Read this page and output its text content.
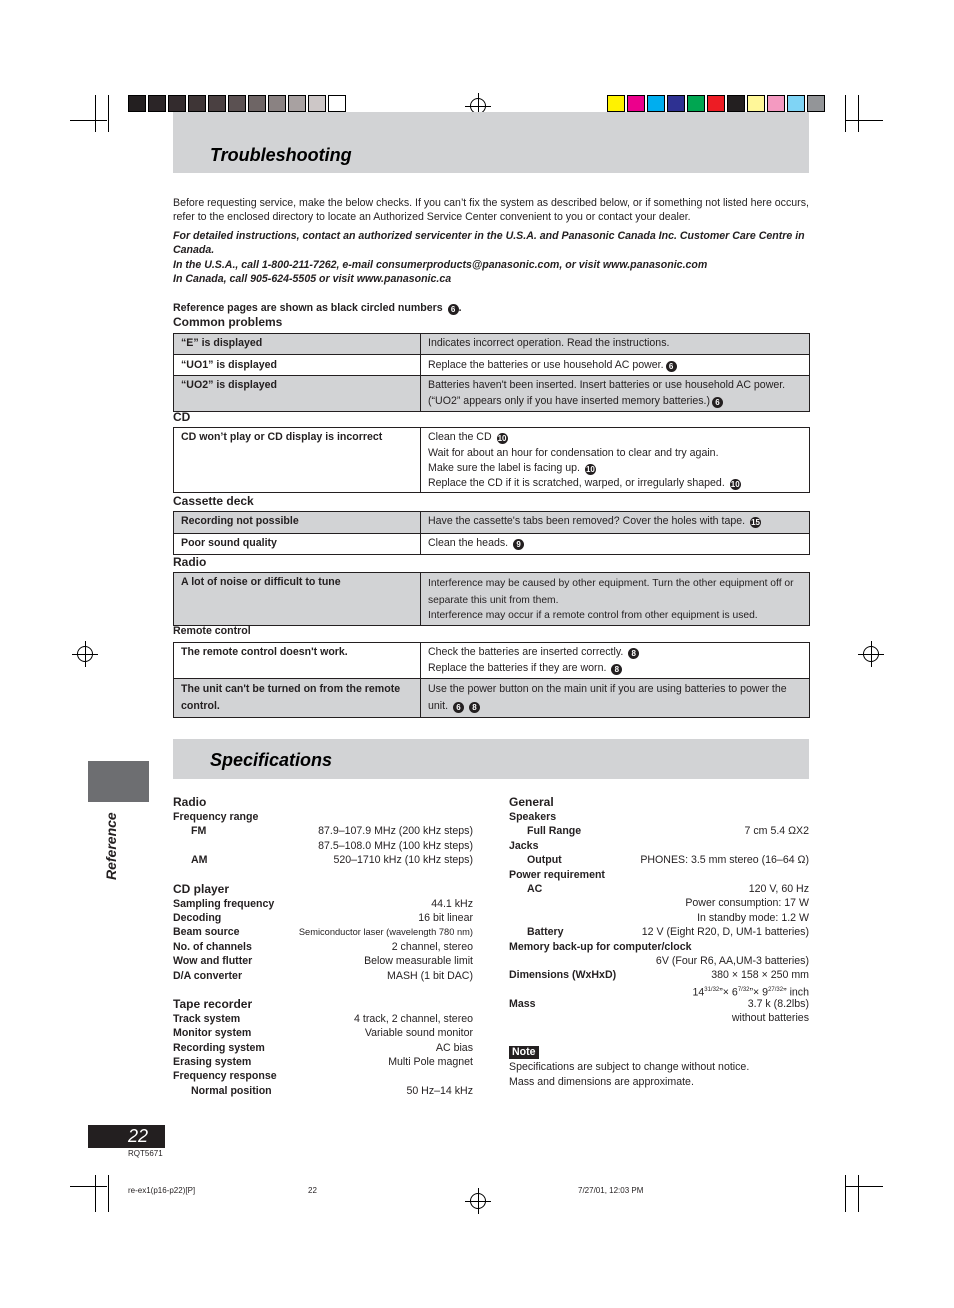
Troubleshooting
Before requesting service, make the below checks. If you can’t fix the system as described below, or if something not listed here occurs, refer to the enclosed directory to locate an Authorized Service Center convenient to you or contact your dealer.
For detailed instructions, contact an authorized servicenter in the U.S.A. and Panasonic Canada Inc. Customer Care Centre in Canada.
In the U.S.A., call 1-800-211-7262, e-mail consumerproducts@panasonic.com, or visit www.panasonic.com
In Canada, call 905-624-5505 or visit www.panasonic.ca
Reference pages are shown as black circled numbers 6 .
Common problems
“E” is displayed	Indicates incorrect operation. Read the instructions.
“UO1” is displayed	Replace the batteries or use household AC power. 6
“UO2” is displayed	Batteries haven't been inserted. Insert batteries or use household AC power. (“UO2” appears only if you have inserted memory batteries.) 6
CD
CD won’t play or CD display is incorrect	Clean the CD 10
Wait for about an hour for condensation to clear and try again.
Make sure the label is facing up. 10
Replace the CD if it is scratched, warped, or irregularly shaped. 10
Cassette deck
Recording not possible	Have the cassette's tabs been removed? Cover the holes with tape. 15
Poor sound quality	Clean the heads. 9
Radio
A lot of noise or difficult to tune	Interference may be caused by other equipment. Turn the other equipment off or separate this unit from them.
Interference may occur if a remote control from other equipment is used.
Remote control
The remote control doesn't work.	Check the batteries are inserted correctly. 8
Replace the batteries if they are worn. 8

The unit can't be turned on from the remote control.	Use the power button on the main unit if you are using batteries to power the unit. 6 8
Specifications
Reference
Radio
Frequency range
FM	87.9–107.9 MHz (200 kHz steps)
87.5–108.0 MHz (100 kHz steps)
AM	520–1710 kHz (10 kHz steps)
CD player
Sampling frequency	44.1 kHz
Decoding	16 bit linear
Beam source	Semiconductor laser (wavelength 780 nm)
No. of channels	2 channel, stereo
Wow and flutter	Below measurable limit
D/A converter	MASH (1 bit DAC)
Tape recorder
Track system	4 track, 2 channel, stereo
Monitor system	Variable sound monitor
Recording system	AC bias
Erasing system	Multi Pole magnet
Frequency response
Normal position	50 Hz–14 kHz
General
Speakers
Full Range	7 cm 5.4 ΩX2
Jacks
Output	PHONES: 3.5 mm stereo (16–64 Ω)
Power requirement
AC	120 V, 60 Hz
Power consumption: 17 W
In standby mode: 1.2 W
Battery	12 V (Eight R20, D, UM-1 batteries)
Memory back-up for computer/clock
6V (Four R6, AA,UM-3 batteries)
Dimensions (WxHxD)	380 × 158 × 250 mm
$14^{31/32}”\times$ $6^{7/32}”\times 9^{27/32}$” inch
Mass	3.7 k (8.2lbs)
without batteries
Note
Specifications are subject to change without notice.
Mass and dimensions are approximate.
22
RQT5671
re-ex1(p16-p22)[P]	22	7/27/01, 12:03 PM
